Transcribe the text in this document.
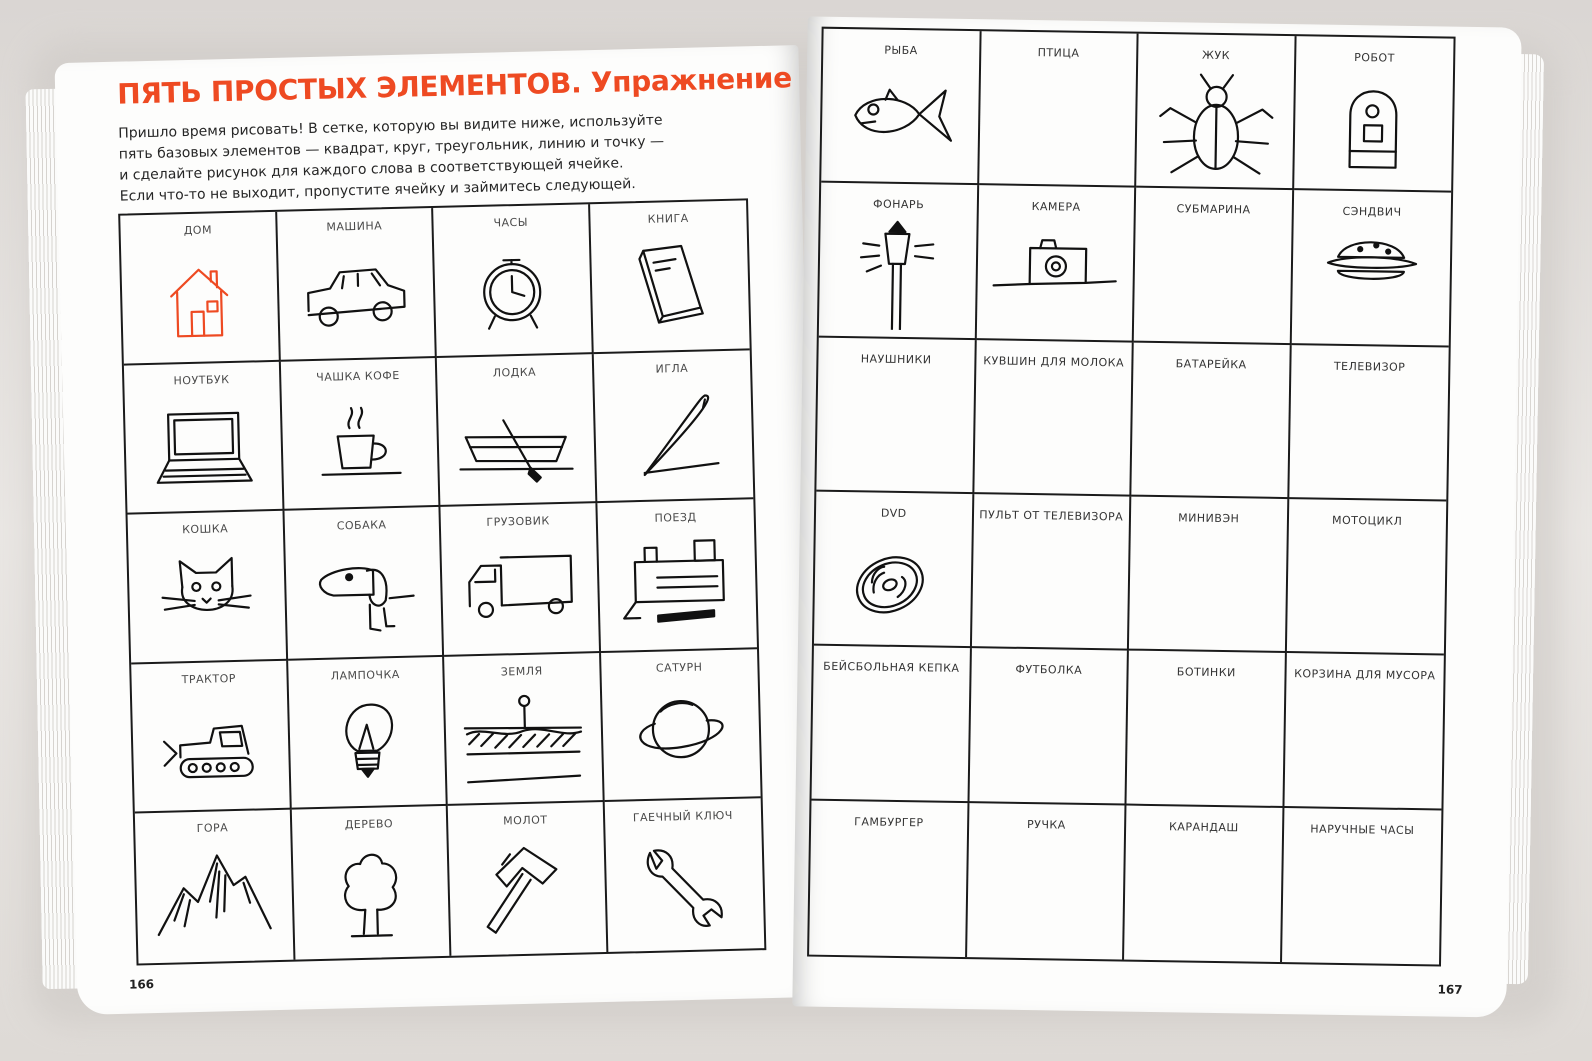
ПЯТЬ ПРОСТЫХ ЭЛЕМЕНТОВ. Упражнение

Пришло время рисовать! В сетке, которую вы видите ниже, используйте

пять базовых элементов — квадрат, круг, треугольник, линию и точку —

и сделайте рисунок для каждого слова в соответствующей ячейке.

Если что-то не выходит, пропустите ячейку и займитесь следующей.

ДОМ	МАШИНА	ЧАСЫ	КНИГА
НОУТБУК	ЧАШКА КОФЕ	ЛОДКА	ИГЛА
КОШКА	СОБАКА	ГРУЗОВИК	ПОЕЗД
ТРАКТОР	ЛАМПОЧКА	ЗЕМЛЯ	САТУРН
ГОРА	ДЕРЕВО	МОЛОТ	ГАЕЧНЫЙ КЛЮЧ
166
РЫБА	ПТИЦА	ЖУК	РОБОТ
ФОНАРЬ	КАМЕРА	СУБМАРИНА	СЭНДВИЧ
НАУШНИКИ	КУВШИН ДЛЯ МОЛОКА	БАТАРЕЙКА	ТЕЛЕВИЗОР
DVD	ПУЛЬТ ОТ ТЕЛЕВИЗОРА	МИНИВЭН	МОТОЦИКЛ
БЕЙСБОЛЬНАЯ КЕПКА	ФУТБОЛКА	БОТИНКИ	КОРЗИНА ДЛЯ МУСОРА
ГАМБУРГЕР	РУЧКА	КАРАНДАШ	НАРУЧНЫЕ ЧАСЫ
167
